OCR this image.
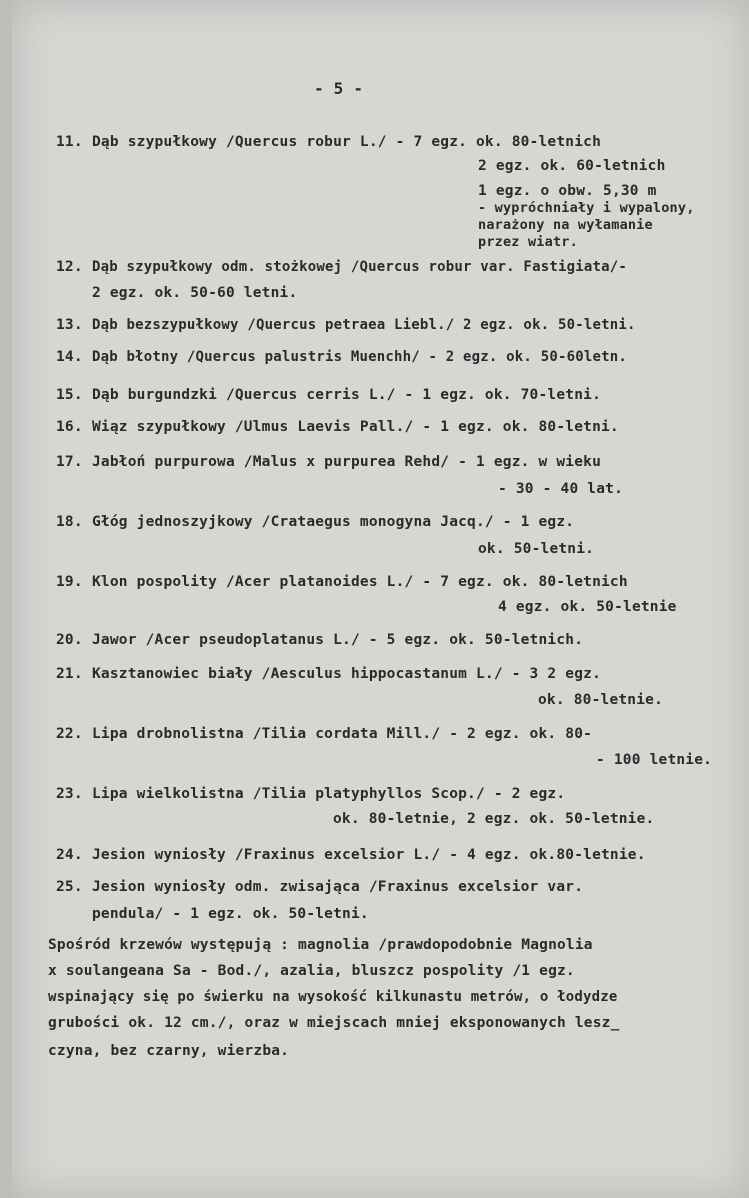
- 5 -
11. Dąb szypułkowy /Quercus robur L./ - 7 egz. ok. 80-letnich
2 egz. ok. 60-letnich
1 egz. o obw. 5,30 m
- wypróchniały i wypalony,
narażony na wyłamanie
przez wiatr.
12. Dąb szypułkowy odm. stożkowej /Quercus robur var. Fastigiata/-
2 egz. ok. 50-60 letni.
13. Dąb bezszypułkowy /Quercus petraea Liebl./ 2 egz. ok. 50-letni.
14. Dąb błotny /Quercus palustris Muenchh/ - 2 egz. ok. 50-60letn.
15. Dąb burgundzki /Quercus cerris L./ - 1 egz. ok. 70-letni.
16. Wiąz szypułkowy /Ulmus Laevis Pall./ - 1 egz. ok. 80-letni.
17. Jabłoń purpurowa /Malus x purpurea Rehd/ - 1 egz. w wieku
- 30 - 40 lat.
18. Głóg jednoszyjkowy /Crataegus monogyna Jacq./ - 1 egz.
ok. 50-letni.
19. Klon pospolity /Acer platanoides L./ - 7 egz. ok. 80-letnich
4 egz. ok. 50-letnie
20. Jawor /Acer pseudoplatanus L./ - 5 egz. ok. 50-letnich.
21. Kasztanowiec biały /Aesculus hippocastanum L./ - 3 2 egz.
ok. 80-letnie.
22. Lipa drobnolistna /Tilia cordata Mill./ - 2 egz. ok. 80-
- 100 letnie.
23. Lipa wielkolistna /Tilia platyphyllos Scop./ - 2 egz.
ok. 80-letnie, 2 egz. ok. 50-letnie.
24. Jesion wyniosły /Fraxinus excelsior L./ - 4 egz. ok.80-letnie.
25. Jesion wyniosły odm. zwisająca /Fraxinus excelsior var.
pendula/ - 1 egz. ok. 50-letni.
Spośród krzewów występują : magnolia /prawdopodobnie Magnolia
x soulangeana Sa - Bod./, azalia, bluszcz pospolity /1 egz.
wspinający się po świerku na wysokość kilkunastu metrów, o łodydze
grubości ok. 12 cm./, oraz w miejscach mniej eksponowanych lesz_
czyna, bez czarny, wierzba.
